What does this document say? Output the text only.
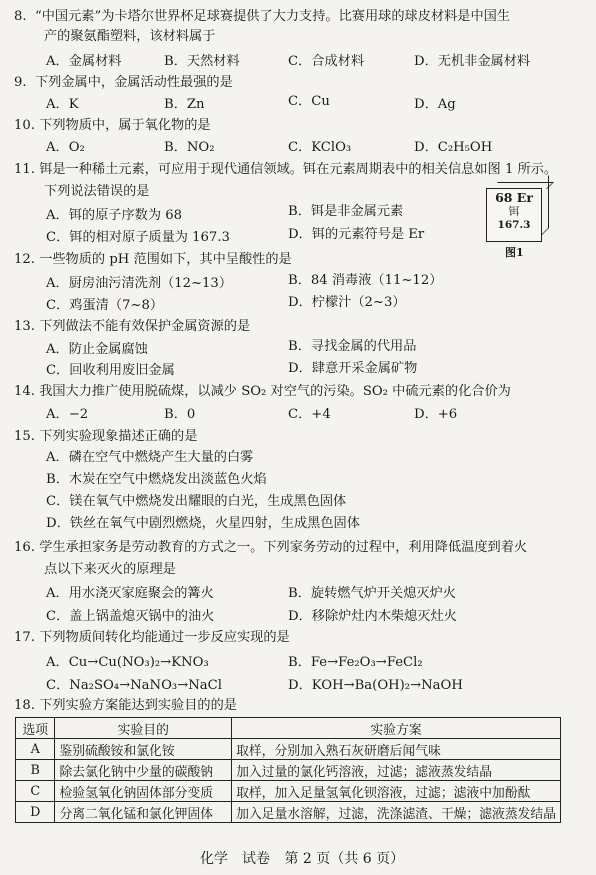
8. “中国元素”为卡塔尔世界杯足球赛提供了大力支持。比赛用球的球皮材料是中国生
产的聚氨酯塑料，该材料属于
A．金属材料	B．天然材料	C．合成材料	D．无机非金属材料
9. 下列金属中，金属活动性最强的是
A．K	B．Zn	C．Cu	D．Ag
10. 下列物质中，属于氧化物的是
A．O₂	B．NO₂	C．KClO₃	D．C₂H₅OH
11. 铒是一种稀土元素，可应用于现代通信领域。铒在元素周期表中的相关信息如图 1 所示。
下列说法错误的是
A．铒的原子序数为 68	B．铒是非金属元素
C．铒的相对原子质量为 167.3	D．铒的元素符号是 Er
68 Er
铒
167.3
图1
12. 一些物质的 pH 范围如下，其中呈酸性的是
A．厨房油污清洗剂（12~13）	B．84 消毒液（11~12）
C．鸡蛋清（7~8）	D．柠檬汁（2~3）
13. 下列做法不能有效保护金属资源的是
A．防止金属腐蚀	B．寻找金属的代用品
C．回收利用废旧金属	D．肆意开采金属矿物
14. 我国大力推广使用脱硫煤，以减少 SO₂ 对空气的污染。SO₂ 中硫元素的化合价为
A．−2	B．0	C．+4	D．+6
15. 下列实验现象描述正确的是
A．磷在空气中燃烧产生大量的白雾
B．木炭在空气中燃烧发出淡蓝色火焰
C．镁在氧气中燃烧发出耀眼的白光，生成黑色固体
D．铁丝在氧气中剧烈燃烧，火星四射，生成黑色固体
16. 学生承担家务是劳动教育的方式之一。下列家务劳动的过程中，利用降低温度到着火
点以下来灭火的原理是
A．用水浇灭家庭聚会的篝火	B．旋转燃气炉开关熄灭炉火
C．盖上锅盖熄灭锅中的油火	D．移除炉灶内木柴熄灭灶火
17. 下列物质间转化均能通过一步反应实现的是
A．Cu→Cu(NO₃)₂→KNO₃	B．Fe→Fe₂O₃→FeCl₂
C．Na₂SO₄→NaNO₃→NaCl	D．KOH→Ba(OH)₂→NaOH
18. 下列实验方案能达到实验目的的是
选项	实验目的	实验方案
A	鉴别硫酸铵和氯化铵	取样，分别加入熟石灰研磨后闻气味
B	除去氯化钠中少量的碳酸钠	加入过量的氯化钙溶液，过滤；滤液蒸发结晶
C	检验氢氧化钠固体部分变质	取样，加入足量氢氧化钡溶液，过滤；滤液中加酚酞
D	分离二氧化锰和氯化钾固体	加入足量水溶解，过滤，洗涤滤渣、干燥；滤液蒸发结晶
化学　试卷 第 2 页（共 6 页）
